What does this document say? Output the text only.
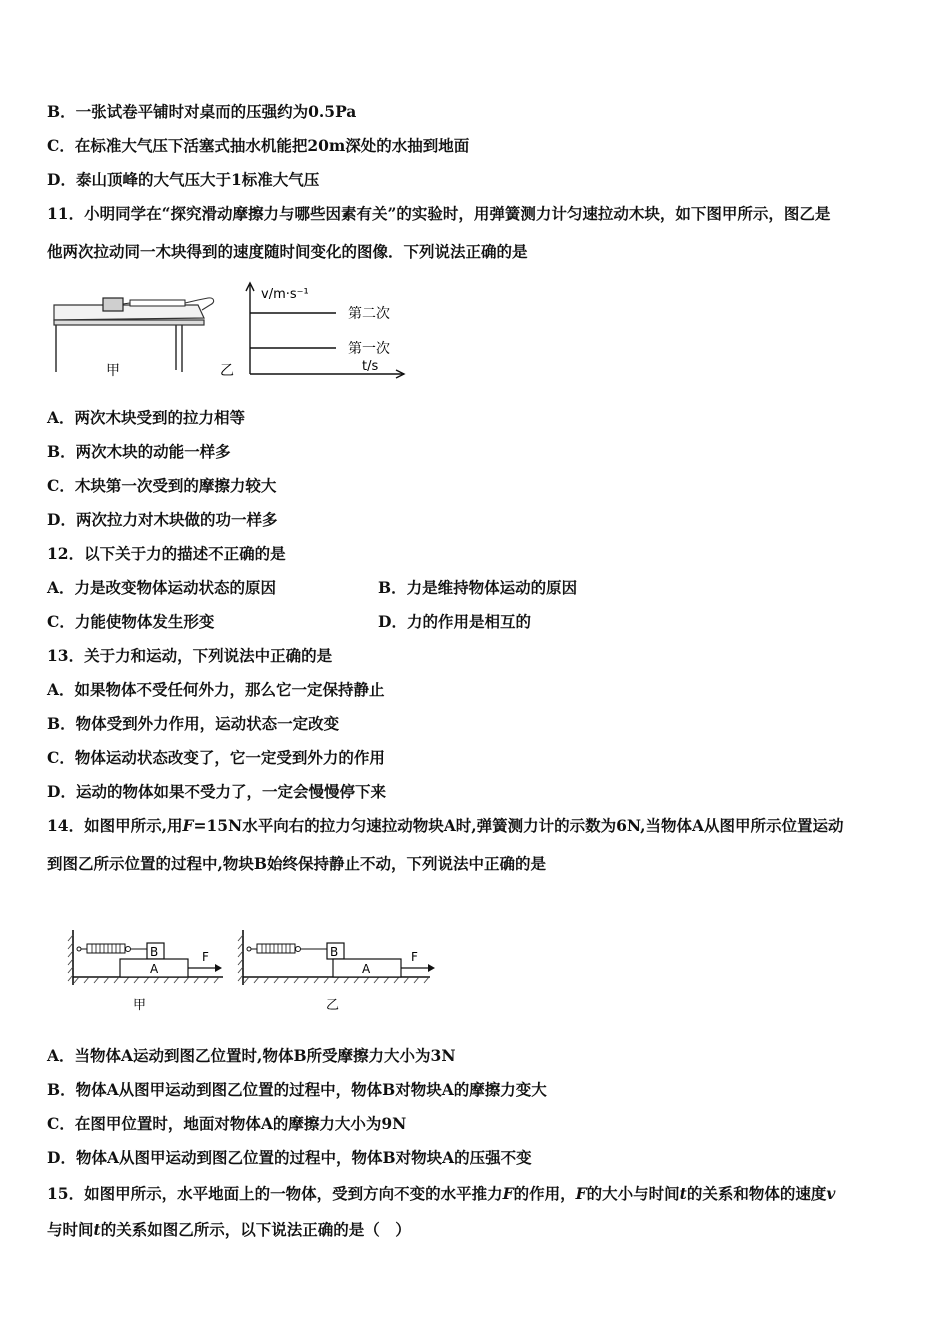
B．一张试卷平铺时对桌而的压强约为0.5Pa
C．在标准大气压下活塞式抽水机能把20m深处的水抽到地面
D．泰山顶峰的大气压大于1标准大气压
11．小明同学在“探究滑动摩擦力与哪些因素有关”的实验时，用弹簧测力计匀速拉动木块，如下图甲所示，图乙是
他两次拉动同一木块得到的速度随时间变化的图像．下列说法正确的是
甲	乙
v/m·s⁻¹
第二次
第一次
t/s
A．两次木块受到的拉力相等
B．两次木块的动能一样多
C．木块第一次受到的摩擦力较大
D．两次拉力对木块做的功一样多
12．以下关于力的描述不正确的是
A．力是改变物体运动状态的原因	B．力是维持物体运动的原因
C．力能使物体发生形变	D．力的作用是相互的
13．关于力和运动，下列说法中正确的是
A．如果物体不受任何外力，那么它一定保持静止
B．物体受到外力作用，运动状态一定改变
C．物体运动状态改变了，它一定受到外力的作用
D．运动的物体如果不受力了，一定会慢慢停下来
14．如图甲所示,用F=15N水平向右的拉力匀速拉动物块A时,弹簧测力计的示数为6N,当物体A从图甲所示位置运动
到图乙所示位置的过程中,物块B始终保持静止不动，下列说法中正确的是
B
A
F
甲
B
A
F
乙
A．当物体A运动到图乙位置时,物体B所受摩擦力大小为3N
B．物体A从图甲运动到图乙位置的过程中，物体B对物块A的摩擦力变大
C．在图甲位置时，地面对物体A的摩擦力大小为9N
D．物体A从图甲运动到图乙位置的过程中，物体B对物块A的压强不变
15．如图甲所示，水平地面上的一物体，受到方向不变的水平推力F的作用，F的大小与时间t的关系和物体的速度v
与时间t的关系如图乙所示，以下说法正确的是（　）
